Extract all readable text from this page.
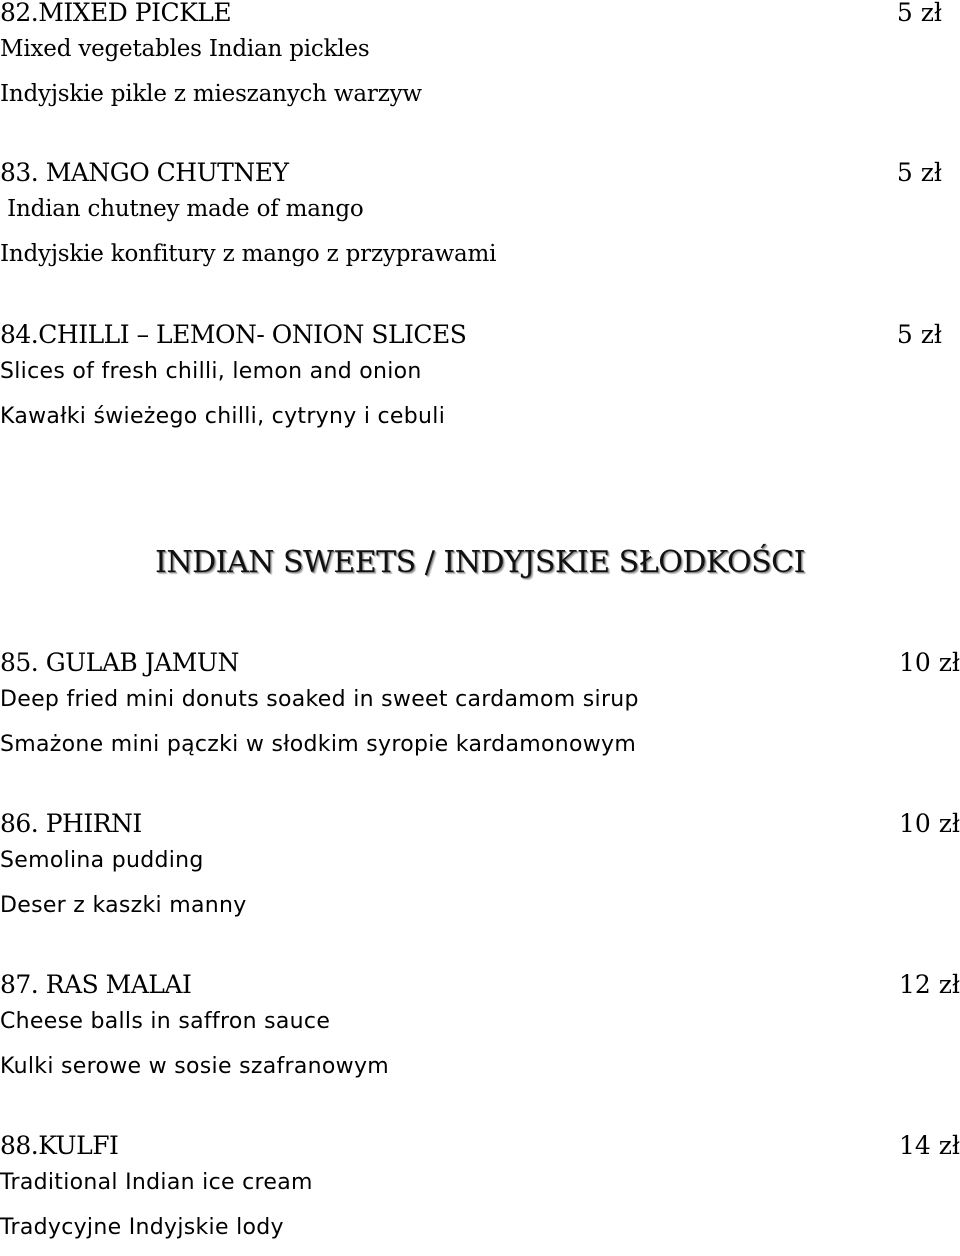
82.MIXED PICKLE	5 zł
Mixed vegetables Indian pickles
Indyjskie pikle z mieszanych warzyw
83. MANGO CHUTNEY	5 zł
Indian chutney made of mango
Indyjskie konfitury z mango z przyprawami
84.CHILLI – LEMON- ONION SLICES	5 zł
Slices of fresh chilli, lemon and onion
Kawałki świeżego chilli, cytryny i cebuli
INDIAN SWEETS / INDYJSKIE SŁODKOŚCI
85. GULAB JAMUN	10 zł
Deep fried mini donuts soaked in sweet cardamom sirup
Smażone mini pączki w słodkim syropie kardamonowym
86. PHIRNI	10 zł
Semolina pudding
Deser z kaszki manny
87. RAS MALAI	12 zł
Cheese balls in saffron sauce
Kulki serowe w sosie szafranowym
88.KULFI	14 zł
Traditional Indian ice cream
Tradycyjne Indyjskie lody
